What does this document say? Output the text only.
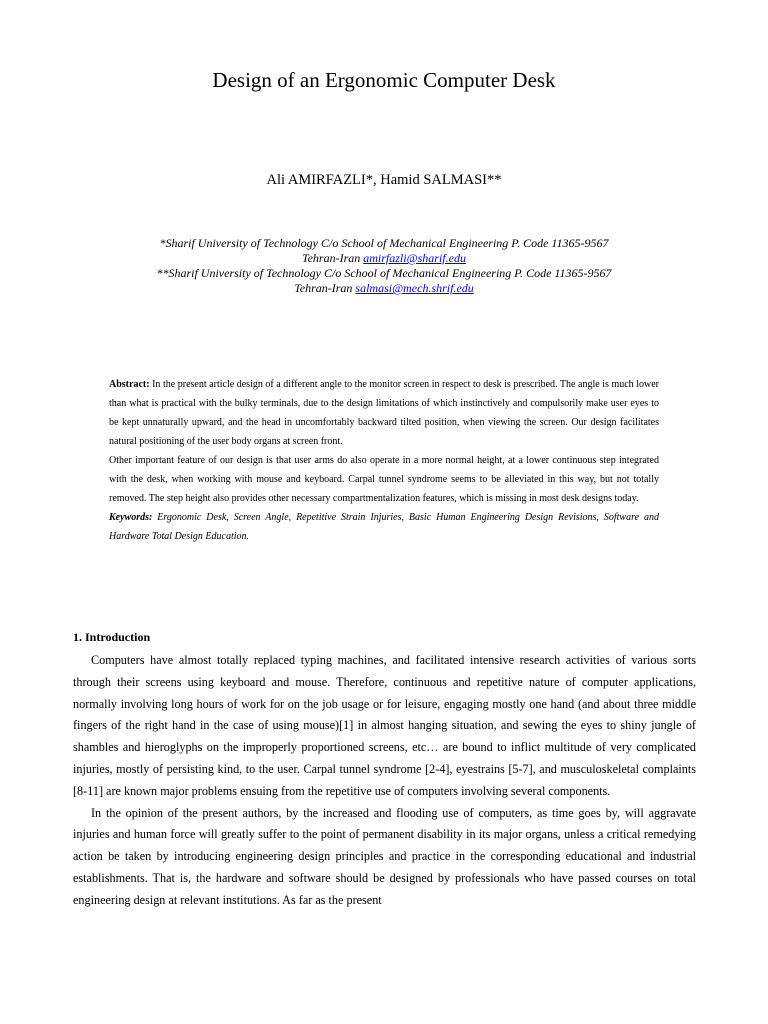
Design of an Ergonomic Computer Desk
Ali AMIRFAZLI*, Hamid SALMASI**
*Sharif University of Technology C/o School of Mechanical Engineering P. Code 11365-9567
Tehran-Iran amirfazli@sharif.edu
**Sharif University of Technology C/o School of Mechanical Engineering P. Code 11365-9567
Tehran-Iran salmasi@mech.shrif.edu

Abstract: In the present article design of a different angle to the monitor screen in respect to desk is prescribed. The angle is much lower than what is practical with the bulky terminals, due to the design limitations of which instinctively and compulsorily make user eyes to be kept unnaturally upward, and the head in uncomfortably backward tilted position, when viewing the screen. Our design facilitates natural positioning of the user body organs at screen front.

Other important feature of our design is that user arms do also operate in a more normal height, at a lower continuous step integrated with the desk, when working with mouse and keyboard. Carpal tunnel syndrome seems to be alleviated in this way, but not totally removed. The step height also provides other necessary compartmentalization features, which is missing in most desk designs today.

Keywords: Ergonomic Desk, Screen Angle, Repetitive Strain Injuries, Basic Human Engineering Design Revisions, Software and Hardware Total Design Education.

1. Introduction

Computers have almost totally replaced typing machines, and facilitated intensive research activities of various sorts through their screens using keyboard and mouse. Therefore, continuous and repetitive nature of computer applications, normally involving long hours of work for on the job usage or for leisure, engaging mostly one hand (and about three middle fingers of the right hand in the case of using mouse)[1] in almost hanging situation, and sewing the eyes to shiny jungle of shambles and hieroglyphs on the improperly proportioned screens, etc… are bound to inflict multitude of very complicated injuries, mostly of persisting kind, to the user. Carpal tunnel syndrome [2-4], eyestrains [5-7], and musculoskeletal complaints [8-11] are known major problems ensuing from the repetitive use of computers involving several components.

In the opinion of the present authors, by the increased and flooding use of computers, as time goes by, will aggravate injuries and human force will greatly suffer to the point of permanent disability in its major organs, unless a critical remedying action be taken by introducing engineering design principles and practice in the corresponding educational and industrial establishments. That is, the hardware and software should be designed by professionals who have passed courses on total engineering design at relevant institutions. As far as the present
